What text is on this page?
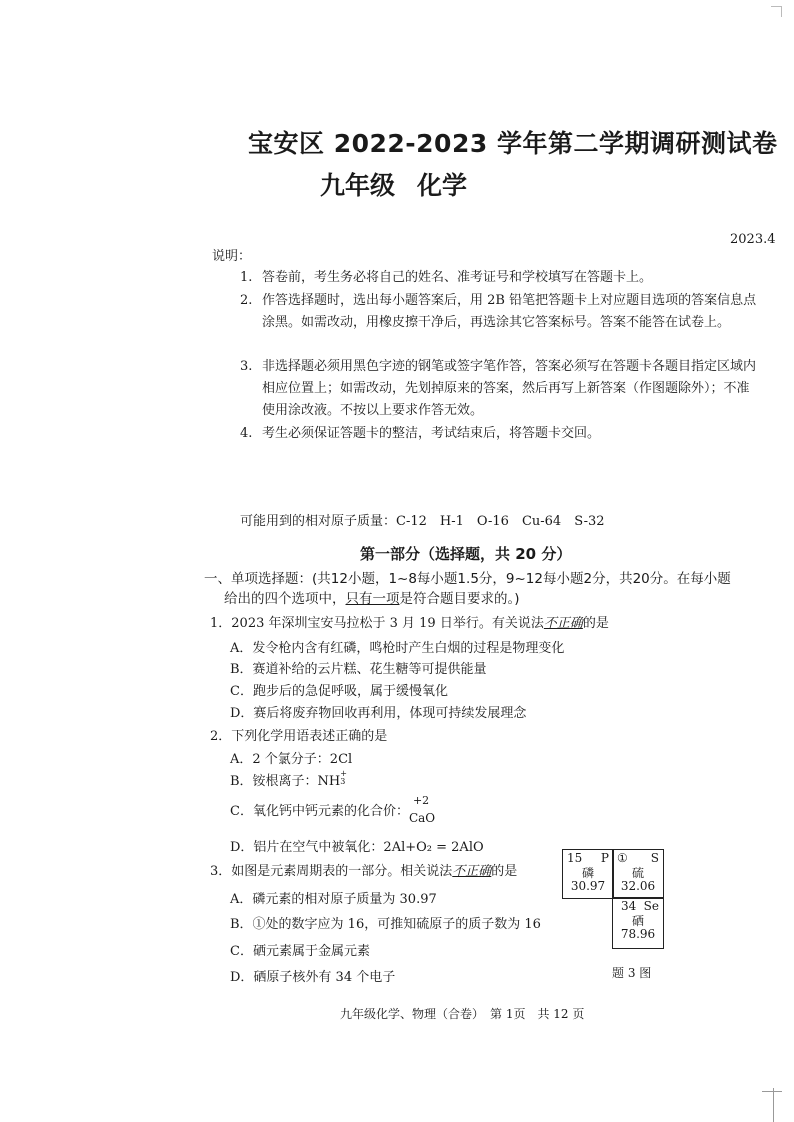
宝安区 2022-2023 学年第二学期调研测试卷
九年级 化学
2023.4
说明：
1. 答卷前，考生务必将自己的姓名、准考证号和学校填写在答题卡上。
2. 作答选择题时，选出每小题答案后，用 2B 铅笔把答题卡上对应题目选项的答案信息点涂黑。如需改动，用橡皮擦干净后，再选涂其它答案标号。答案不能答在试卷上。
3. 非选择题必须用黑色字迹的钢笔或签字笔作答，答案必须写在答题卡各题目指定区域内相应位置上；如需改动，先划掉原来的答案，然后再写上新答案（作图题除外）；不准使用涂改液。不按以上要求作答无效。
4. 考生必须保证答题卡的整洁，考试结束后，将答题卡交回。
可能用到的相对原子质量：C-12　H-1　O-16　Cu-64　S-32
第一部分（选择题，共 20 分）
一、单项选择题：(共12小题，1~8每小题1.5分，9~12每小题2分，共20分。在每小题
给出的四个选项中，只有一项是符合题目要求的。)
1．2023 年深圳宝安马拉松于 3 月 19 日举行。有关说法不正确的是
A．发令枪内含有红磷，鸣枪时产生白烟的过程是物理变化
B．赛道补给的云片糕、花生糖等可提供能量
C．跑步后的急促呼吸，属于缓慢氧化
D．赛后将废弃物回收再利用，体现可持续发展理念
2．下列化学用语表述正确的是
A．2 个氯分子：2Cl
B．铵根离子：NH
+
3

C．氧化钙中钙元素的化合价：
+2
CaO

D．铝片在空气中被氧化：2Al+O₂ = 2AlO
3．如图是元素周期表的一部分。相关说法不正确的是
A．磷元素的相对原子质量为 30.97
B．①处的数字应为 16，可推知硫原子的质子数为 16
C．硒元素属于金属元素
D．硒原子核外有 34 个电子
15 P
磷
30.97
① S
硫
32.06
34 Se
硒
78.96
题 3 图
九年级化学、物理（合卷）　第 1页　共 12 页
